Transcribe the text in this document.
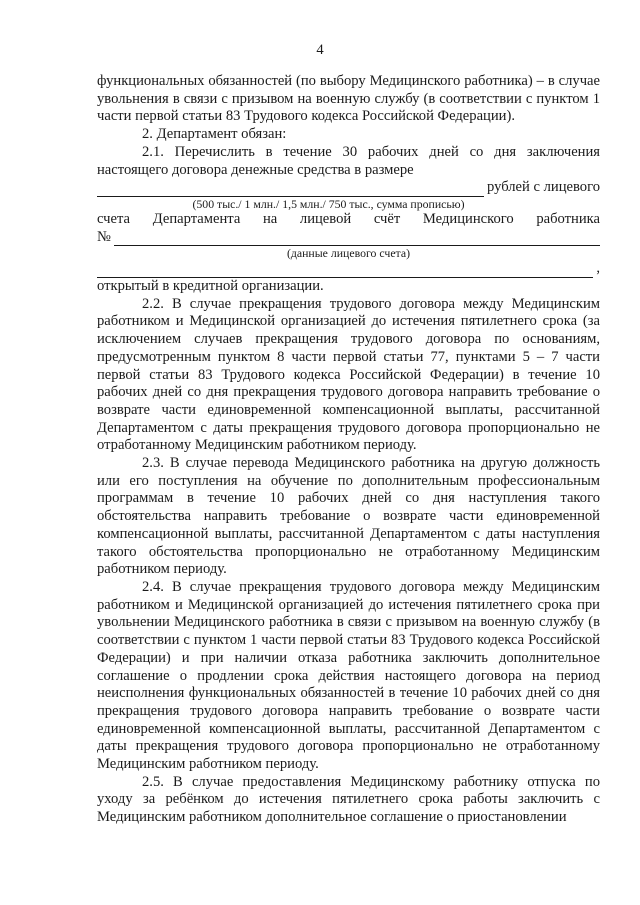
4

функциональных обязанностей (по выбору Медицинского работника) – в случае увольнения в связи с призывом на военную службу (в соответствии с пунктом 1 части первой статьи 83 Трудового кодекса Российской Федерации).

2. Департамент обязан:

2.1. Перечислить в течение 30 рабочих дней со дня заключения настоящего договора денежные средства в размере

рублей с лицевого
(500 тыс./ 1 млн./ 1,5 млн./ 750 тыс., сумма прописью)
счета Департамента на лицевой счёт Медицинского работника
№
(данные лицевого счета)
,

открытый в кредитной организации.

2.2. В случае прекращения трудового договора между Медицинским работником и Медицинской организацией до истечения пятилетнего срока (за исключением случаев прекращения трудового договора по основаниям, предусмотренным пунктом 8 части первой статьи 77, пунктами 5 – 7 части первой статьи 83 Трудового кодекса Российской Федерации) в течение 10 рабочих дней со дня прекращения трудового договора направить требование о возврате части единовременной компенсационной выплаты, рассчитанной Департаментом с даты прекращения трудового договора пропорционально не отработанному Медицинским работником периоду.

2.3. В случае перевода Медицинского работника на другую должность или его поступления на обучение по дополнительным профессиональным программам в течение 10 рабочих дней со дня наступления такого обстоятельства направить требование о возврате части единовременной компенсационной выплаты, рассчитанной Департаментом с даты наступления такого обстоятельства пропорционально не отработанному Медицинским работником периоду.

2.4. В случае прекращения трудового договора между Медицинским работником и Медицинской организацией до истечения пятилетнего срока при увольнении Медицинского работника в связи с призывом на военную службу (в соответствии с пунктом 1 части первой статьи 83 Трудового кодекса Российской Федерации) и при наличии отказа работника заключить дополнительное соглашение о продлении срока действия настоящего договора на период неисполнения функциональных обязанностей в течение 10 рабочих дней со дня прекращения трудового договора направить требование о возврате части единовременной компенсационной выплаты, рассчитанной Департаментом с даты прекращения трудового договора пропорционально не отработанному Медицинским работником периоду.

2.5. В случае предоставления Медицинскому работнику отпуска по уходу за ребёнком до истечения пятилетнего срока работы заключить с Медицинским работником дополнительное соглашение о приостановлении
